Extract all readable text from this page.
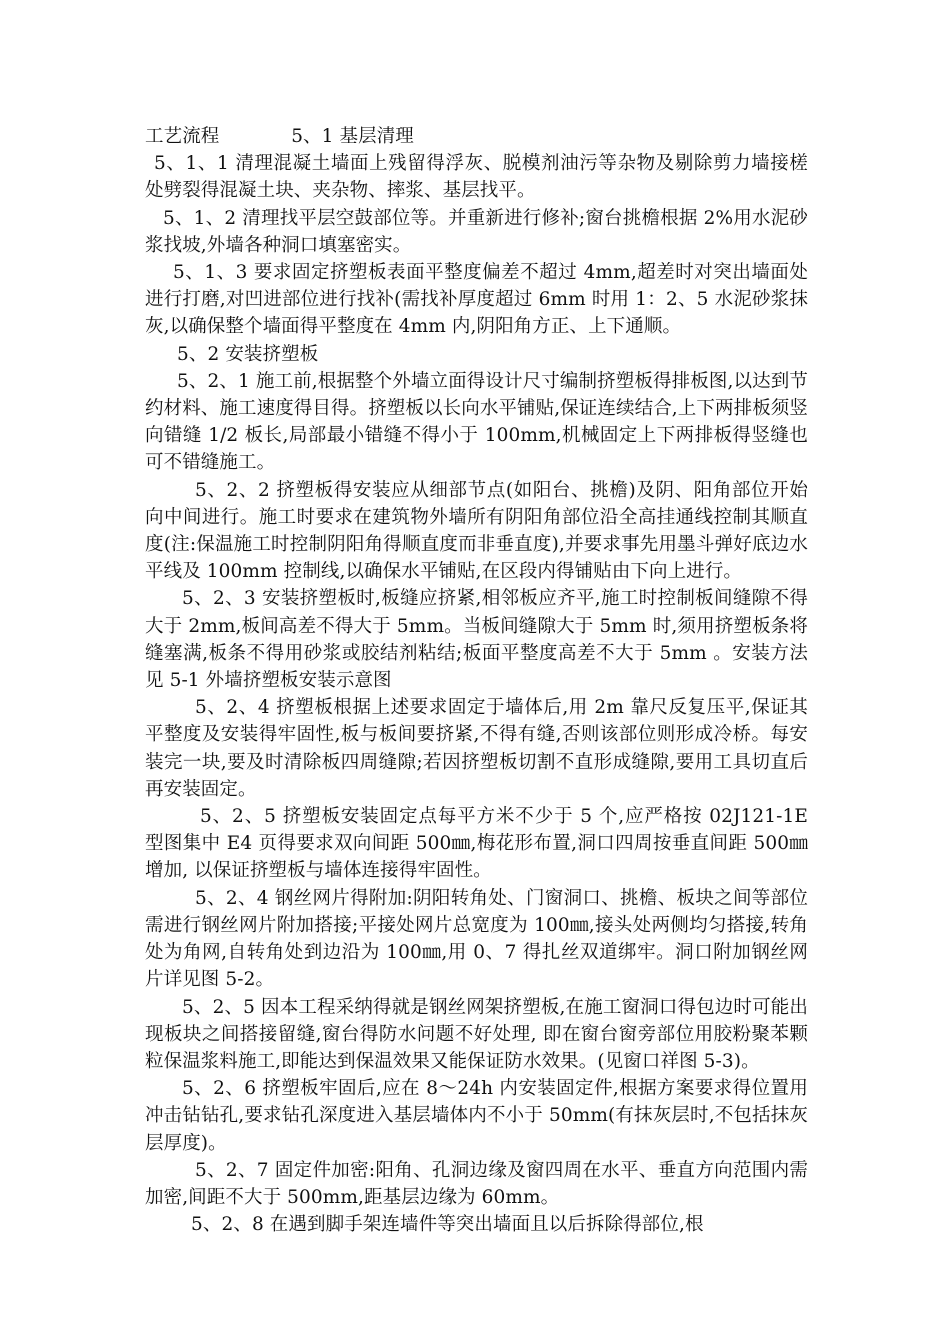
工艺流程	5、1 基层清理

5、1、1 清理混凝土墙面上残留得浮灰、脱模剂油污等杂物及剔除剪力墙接槎处劈裂得混凝土块、夹杂物、摔浆、基层找平。

5、1、2 清理找平层空鼓部位等。并重新进行修补;窗台挑檐根据 2%用水泥砂浆找坡,外墙各种洞口填塞密实。

5、1、3 要求固定挤塑板表面平整度偏差不超过 4mm,超差时对突出墙面处进行打磨,对凹进部位进行找补(需找补厚度超过 6mm 时用 1：2、5 水泥砂浆抹灰,以确保整个墙面得平整度在 4mm 内,阴阳角方正、上下通顺。

5、2 安装挤塑板

5、2、1 施工前,根据整个外墙立面得设计尺寸编制挤塑板得排板图,以达到节约材料、施工速度得目得。挤塑板以长向水平铺贴,保证连续结合,上下两排板须竖向错缝 1/2 板长,局部最小错缝不得小于 100mm,机械固定上下两排板得竖缝也可不错缝施工。

5、2、2 挤塑板得安装应从细部节点(如阳台、挑檐)及阴、阳角部位开始向中间进行。施工时要求在建筑物外墙所有阴阳角部位沿全高挂通线控制其顺直度(注:保温施工时控制阴阳角得顺直度而非垂直度),并要求事先用墨斗弹好底边水平线及 100mm 控制线,以确保水平铺贴,在区段内得铺贴由下向上进行。

5、2、3 安装挤塑板时,板缝应挤紧,相邻板应齐平,施工时控制板间缝隙不得大于 2mm,板间高差不得大于 5mm。当板间缝隙大于 5mm 时,须用挤塑板条将缝塞满,板条不得用砂浆或胶结剂粘结;板面平整度高差不大于 5mm 。安装方法见 5-1 外墙挤塑板安装示意图

5、2、4 挤塑板根据上述要求固定于墙体后,用 2m 靠尺反复压平,保证其平整度及安装得牢固性,板与板间要挤紧,不得有缝,否则该部位则形成冷桥。每安装完一块,要及时清除板四周缝隙;若因挤塑板切割不直形成缝隙,要用工具切直后再安装固定。

5、2、5 挤塑板安装固定点每平方米不少于 5 个,应严格按 02J121-1E 型图集中 E4 页得要求双向间距 500㎜,梅花形布置,洞口四周按垂直间距 500㎜增加, 以保证挤塑板与墙体连接得牢固性。

5、2、4 钢丝网片得附加:阴阳转角处、门窗洞口、挑檐、板块之间等部位需进行钢丝网片附加搭接;平接处网片总宽度为 100㎜,接头处两侧均匀搭接,转角处为角网,自转角处到边沿为 100㎜,用 0、7 得扎丝双道绑牢。洞口附加钢丝网片详见图 5-2。

5、2、5 因本工程采纳得就是钢丝网架挤塑板,在施工窗洞口得包边时可能出现板块之间搭接留缝,窗台得防水问题不好处理, 即在窗台窗旁部位用胶粉聚苯颗粒保温浆料施工,即能达到保温效果又能保证防水效果。(见窗口祥图 5-3)。

5、2、6 挤塑板牢固后,应在 8～24h 内安装固定件,根据方案要求得位置用冲击钻钻孔,要求钻孔深度进入基层墙体内不小于 50mm(有抹灰层时,不包括抹灰层厚度)。

5、2、7 固定件加密:阳角、孔洞边缘及窗四周在水平、垂直方向范围内需加密,间距不大于 500mm,距基层边缘为 60mm。

5、2、8 在遇到脚手架连墙件等突出墙面且以后拆除得部位,根
